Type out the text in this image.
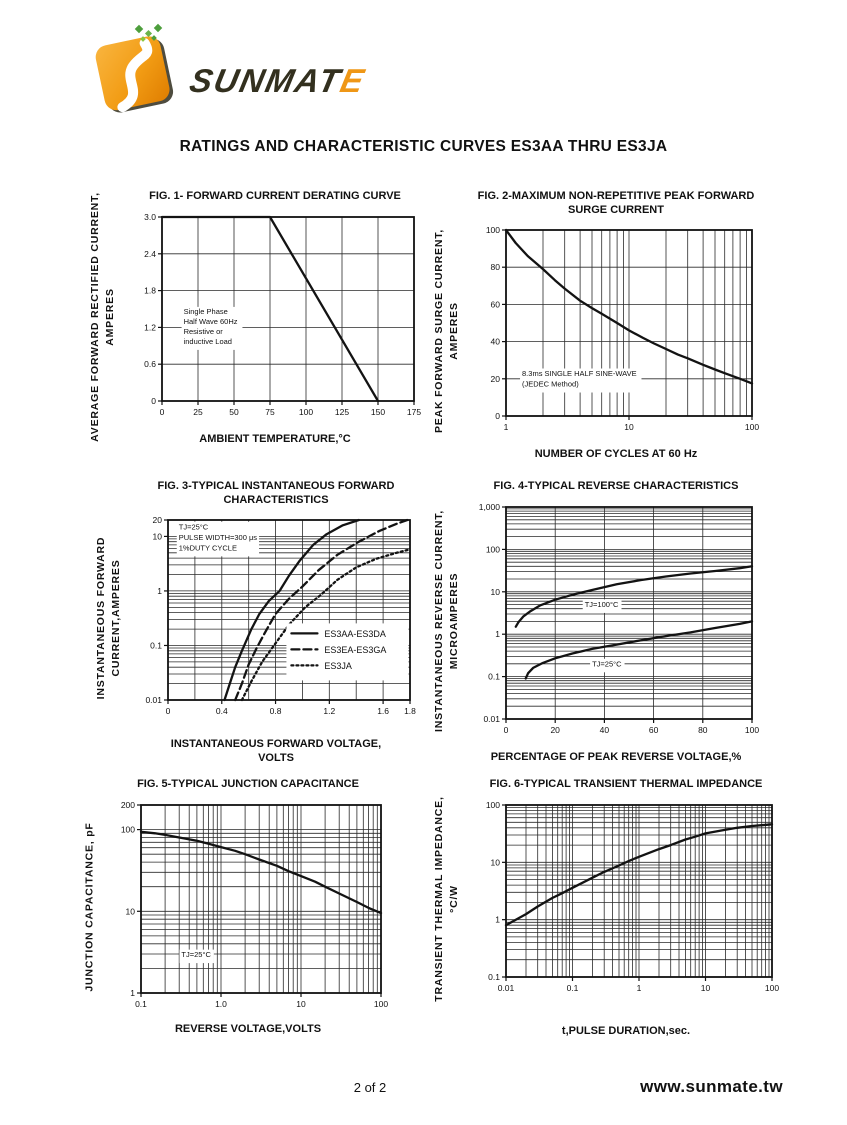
SUNMATE
RATINGS AND CHARACTERISTIC CURVES ES3AA THRU ES3JA
FIG. 1- FORWARD CURRENT DERATING CURVE
AVERAGE FORWARD RECTIFIED CURRENT, AMPERES
0	25	50	75	100	125	150	175
0
0.6
1.2
1.8
2.4
3.0
Single Phase
Half Wave 60Hz
Resistive or
inductive Load
AMBIENT TEMPERATURE,°C
FIG. 2-MAXIMUM NON-REPETITIVE PEAK FORWARD
SURGE CURRENT
PEAK FORWARD SURGE CURRENT, AMPERES
1	10	100
0
20
40
60
80
100
8.3ms SINGLE HALF SINE-WAVE
(JEDEC Method)
NUMBER OF CYCLES AT 60 Hz
FIG. 3-TYPICAL INSTANTANEOUS FORWARD
CHARACTERISTICS
INSTANTANEOUS FORWARD CURRENT,AMPERES
0	0.4	0.8	1.2	1.6 1.8
0.01
0.1
1
10
20
TJ=25°C
PULSE WIDTH=300 μs
1%DUTY CYCLE
ES3AA-ES3DA
ES3EA-ES3GA
ES3JA
INSTANTANEOUS FORWARD VOLTAGE,
VOLTS
FIG. 4-TYPICAL REVERSE CHARACTERISTICS
INSTANTANEOUS REVERSE CURRENT, MICROAMPERES
0	20	40	60	80	100
0.01
0.1
1
10
100
1,000
TJ=100°C
TJ=25°C
PERCENTAGE OF PEAK REVERSE VOLTAGE,%
FIG. 5-TYPICAL JUNCTION CAPACITANCE
JUNCTION CAPACITANCE, pF
0.1	1.0	10	100
1
10
100
200
TJ=25°C
REVERSE VOLTAGE,VOLTS
FIG. 6-TYPICAL TRANSIENT THERMAL IMPEDANCE
TRANSIENT THERMAL IMPEDANCE, °C/W
0.01	0.1	1	10	100
0.1
1
10
100
t,PULSE DURATION,sec.
2 of 2	www.sunmate.tw
